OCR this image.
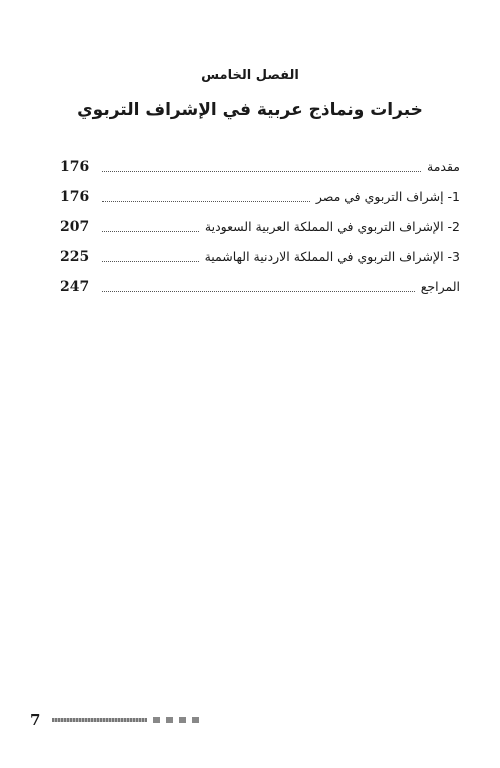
الفصل الخامس
خبرات ونماذج عربية في الإشراف التربوي
176	مقدمة
176	1- إشراف التربوي في مصر
207	2- الإشراف التربوي في المملكة العربية السعودية
225	3- الإشراف التربوي في المملكة الاردنية الهاشمية
247	المراجع
7
